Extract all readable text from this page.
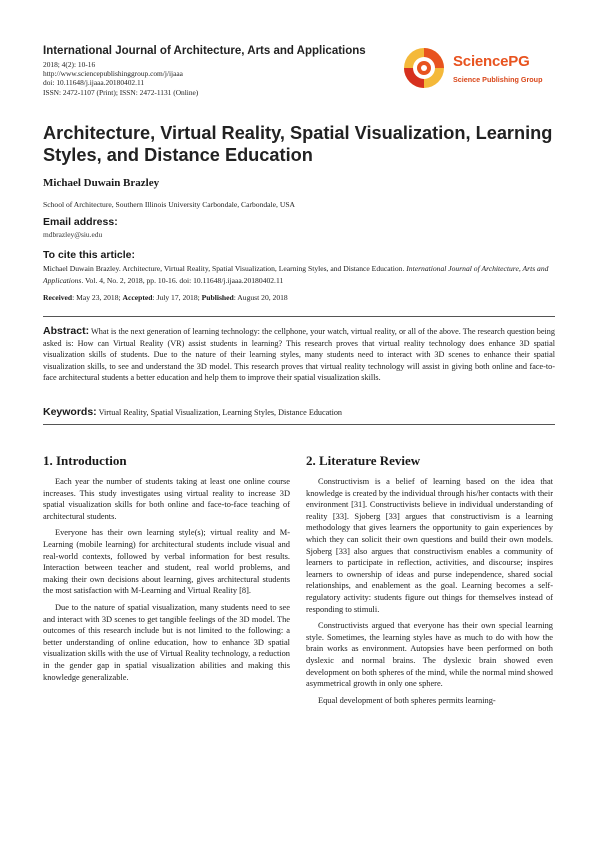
International Journal of Architecture, Arts and Applications
2018; 4(2): 10-16
http://www.sciencepublishinggroup.com/j/ijaaa
doi: 10.11648/j.ijaaa.20180402.11
ISSN: 2472-1107 (Print); ISSN: 2472-1131 (Online)
SciencePG
Science Publishing Group
Architecture, Virtual Reality, Spatial Visualization, Learning Styles, and Distance Education
Michael Duwain Brazley
School of Architecture, Southern Illinois University Carbondale, Carbondale, USA
Email address:
mdbrazley@siu.edu
To cite this article:
Michael Duwain Brazley. Architecture, Virtual Reality, Spatial Visualization, Learning Styles, and Distance Education. International Journal of Architecture, Arts and Applications. Vol. 4, No. 2, 2018, pp. 10-16. doi: 10.11648/j.ijaaa.20180402.11
Received: May 23, 2018; Accepted: July 17, 2018; Published: August 20, 2018
Abstract: What is the next generation of learning technology: the cellphone, your watch, virtual reality, or all of the above. The research question being asked is: How can Virtual Reality (VR) assist students in learning? This research proves that virtual reality technology does enhance 3D spatial visualization skills of students. Due to the nature of their learning styles, many students need to interact with 3D scenes to enhance their spatial visualization skills, to see and understand the 3D model. This research proves that virtual reality technology will assist in giving both online and face-to-face architectural students a better education and help them to improve their spatial visualization skills.
Keywords: Virtual Reality, Spatial Visualization, Learning Styles, Distance Education
1. Introduction

Each year the number of students taking at least one online course increases. This study investigates using virtual reality to increase 3D spatial visualization skills for both online and face-to-face teaching of architectural students.

Everyone has their own learning style(s); virtual reality and M-Learning (mobile learning) for architectural students include visual and real-world contexts, followed by verbal information for best results. Interaction between teacher and student, real world problems, and making their own decisions about learning, gives architectural students the most satisfaction with M-Learning and Virtual Reality [8].

Due to the nature of spatial visualization, many students need to see and interact with 3D scenes to get tangible feelings of the 3D model. The outcomes of this research include but is not limited to the following: a better understanding of online education, how to enhance 3D spatial visualization skills with the use of Virtual Reality technology, a reduction in the gender gap in spatial visualization abilities and making this knowledge generalizable.

2. Literature Review

Constructivism is a belief of learning based on the idea that knowledge is created by the individual through his/her contacts with their environment [31]. Constructivists believe in individual understanding of reality [33]. Sjoberg [33] argues that constructivism is a learning methodology that gives learners the opportunity to gain experiences by which they can solicit their own questions and build their own models. Sjoberg [33] also argues that constructivism enables a community of learners to participate in reflection, activities, and discourse; inspires learners to ownership of ideas and purse independence, shared social relationships, and enablement as the goal. Learning becomes a self-regulatory activity: students figure out things for themselves instead of responding to stimuli.

Constructivists argued that everyone has their own special learning style. Sometimes, the learning styles have as much to do with how the brain works as environment. Autopsies have been performed on both dyslexic and normal brains. The dyslexic brain showed even development on both spheres of the mind, while the normal mind showed asymmetrical growth in only one sphere.

Equal development of both spheres permits learning-
